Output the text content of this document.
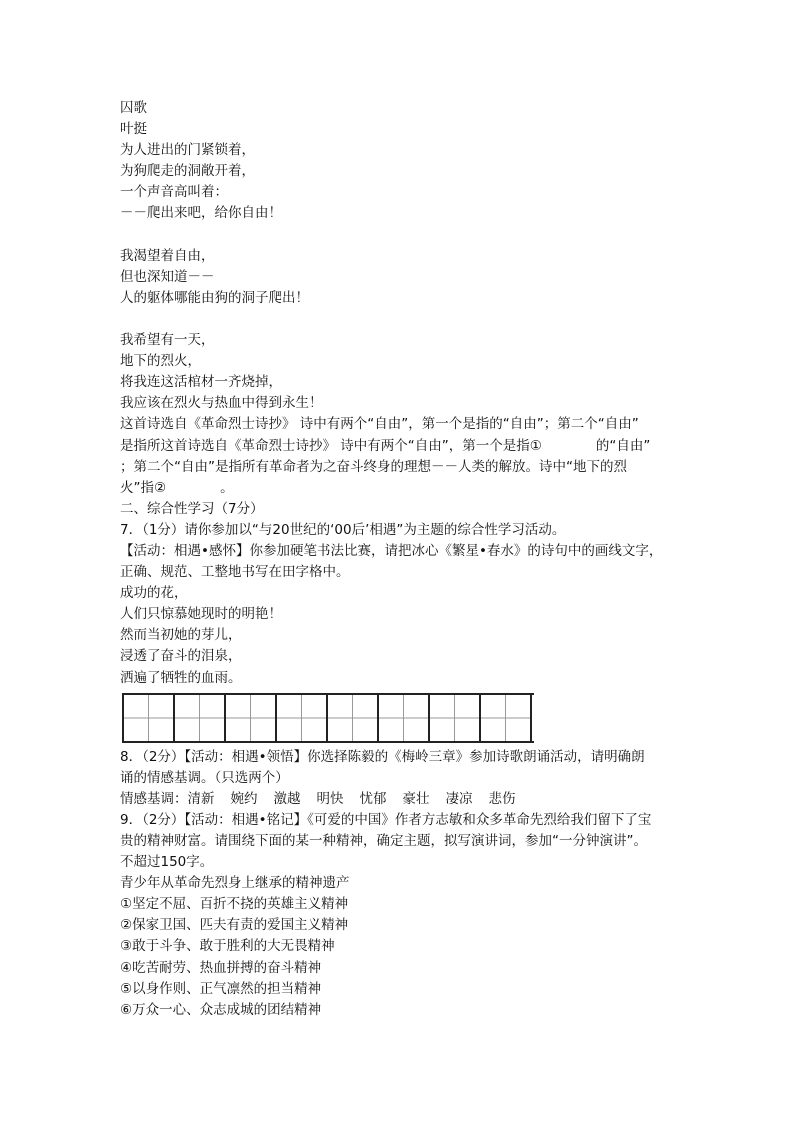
囚歌
叶挺
为人进出的门紧锁着，
为狗爬走的洞敞开着，
一个声音高叫着：
－－爬出来吧，给你自由！
我渴望着自由，
但也深知道－－
人的躯体哪能由狗的洞子爬出！
我希望有一天，
地下的烈火，
将我连这活棺材一齐烧掉，
我应该在烈火与热血中得到永生！
这首诗选自《革命烈士诗抄》 诗中有两个“自由”，第一个是指的“自由”；第二个“自由”
是指所这首诗选自《革命烈士诗抄》 诗中有两个“自由”，第一个是指①	的“自由”
；第二个“自由”是指所有革命者为之奋斗终身的理想－－人类的解放。诗中“地下的烈
火”指②	。
二、综合性学习（7分）
7．（1分）请你参加以“与20世纪的‘00后’相遇”为主题的综合性学习活动。
【活动：相遇•感怀】你参加硬笔书法比赛，请把冰心《繁星•春水》的诗句中的画线文字，
正确、规范、工整地书写在田字格中。
成功的花，
人们只惊慕她现时的明艳！
然而当初她的芽儿，
浸透了奋斗的泪泉，
洒遍了牺牲的血雨。
8．（2分）【活动：相遇•领悟】你选择陈毅的《梅岭三章》参加诗歌朗诵活动，请明确朗
诵的情感基调。（只选两个）
情感基调：清新 婉约 激越 明快 忧郁 豪壮 凄凉 悲伤
9．（2分）【活动：相遇•铭记】《可爱的中国》作者方志敏和众多革命先烈给我们留下了宝
贵的精神财富。请围绕下面的某一种精神，确定主题，拟写演讲词，参加“一分钟演讲”。
不超过150字。
青少年从革命先烈身上继承的精神遗产
①坚定不屈、百折不挠的英雄主义精神
②保家卫国、匹夫有责的爱国主义精神
③敢于斗争、敢于胜利的大无畏精神
④吃苦耐劳、热血拼搏的奋斗精神
⑤以身作则、正气凛然的担当精神
⑥万众一心、众志成城的团结精神
